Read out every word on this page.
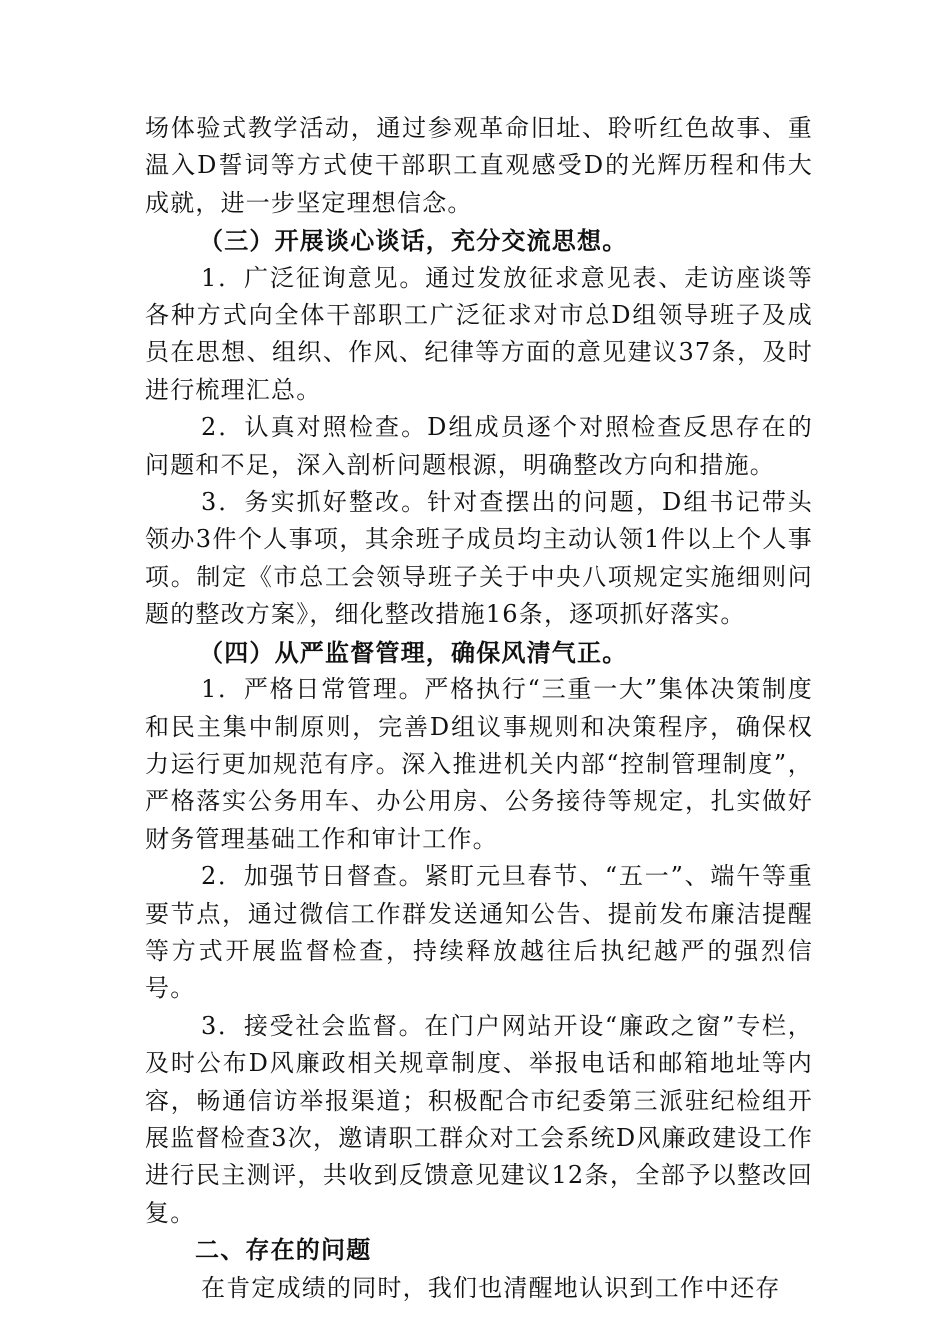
场体验式教学活动，通过参观革命旧址、聆听红色故事、重温入D誓词等方式使干部职工直观感受D的光辉历程和伟大成就，进一步坚定理想信念。

（三）开展谈心谈话，充分交流思想。

1．广泛征询意见。通过发放征求意见表、走访座谈等各种方式向全体干部职工广泛征求对市总D组领导班子及成员在思想、组织、作风、纪律等方面的意见建议37条，及时进行梳理汇总。

2．认真对照检查。D组成员逐个对照检查反思存在的问题和不足，深入剖析问题根源，明确整改方向和措施。

3．务实抓好整改。针对查摆出的问题，D组书记带头领办3件个人事项，其余班子成员均主动认领1件以上个人事项。制定《市总工会领导班子关于中央八项规定实施细则问题的整改方案》，细化整改措施16条，逐项抓好落实。

（四）从严监督管理，确保风清气正。

1．严格日常管理。严格执行“三重一大”集体决策制度和民主集中制原则，完善D组议事规则和决策程序，确保权力运行更加规范有序。深入推进机关内部“控制管理制度”，严格落实公务用车、办公用房、公务接待等规定，扎实做好财务管理基础工作和审计工作。

2．加强节日督查。紧盯元旦春节、“五一”、端午等重要节点，通过微信工作群发送通知公告、提前发布廉洁提醒等方式开展监督检查，持续释放越往后执纪越严的强烈信号。

3．接受社会监督。在门户网站开设“廉政之窗”专栏，及时公布D风廉政相关规章制度、举报电话和邮箱地址等内容，畅通信访举报渠道；积极配合市纪委第三派驻纪检组开展监督检查3次，邀请职工群众对工会系统D风廉政建设工作进行民主测评，共收到反馈意见建议12条，全部予以整改回复。

二、存在的问题

在肯定成绩的同时，我们也清醒地认识到工作中还存
